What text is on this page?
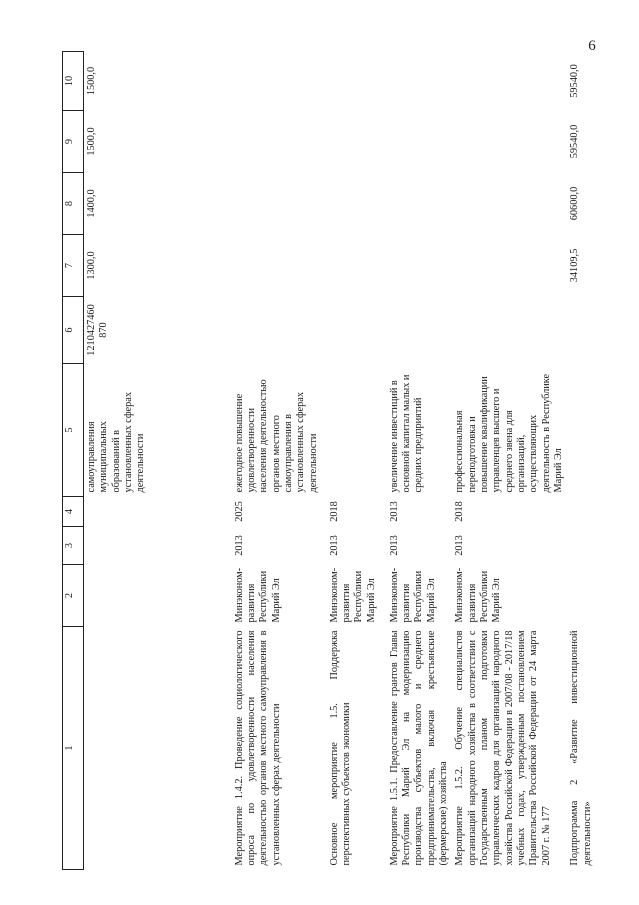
6
1	2	3	4	5	6	7	8	9	10
				самоуправления муниципальных образований в установленных сферах деятельности	1210427460 870	1300,0	1400,0	1500,0	1500,0
Мероприятие 1.4.2. Проведение социологического опроса по удовлетворенности населения деятельностью органов местного самоуправления в установленных сферах деятельности	Минэконом-развития Республики Марий Эл	2013	2025	ежегодное повышение удовлетворенности населения деятельностью органов местного самоуправления в установленных сферах деятельности					
Основное мероприятие 1.5. Поддержка перспективных субъектов экономики	Минэконом-развития Республики Марий Эл	2013	2018						
Мероприятие 1.5.1. Предоставление грантов Главы Республики Марий Эл на модернизацию производства субъектов малого и среднего предпринимательства, включая крестьянские (фермерские) хозяйства	Минэконом-развития Республики Марий Эл	2013	2013	увеличение инвестиций в основной капитал малых и средних предприятий					
Мероприятие 1.5.2. Обучение специалистов организаций народного хозяйства в соответствии с Государственным планом подготовки управленческих кадров для организаций народного хозяйства Российской Федерации в 2007/08 - 2017/18 учебных годах, утвержденным постановлением Правительства Российской Федерации от 24 марта 2007 г. № 177	Минэконом-развития Республики Марий Эл	2013	2018	профессиональная переподготовка и повышение квалификации управленцев высшего и среднего звена для организаций, осуществляющих деятельность в Республике Марий Эл					
Подпрограмма 2 «Развитие инвестиционной деятельности»						34109,5	60600,0	59540,0	59540,0
